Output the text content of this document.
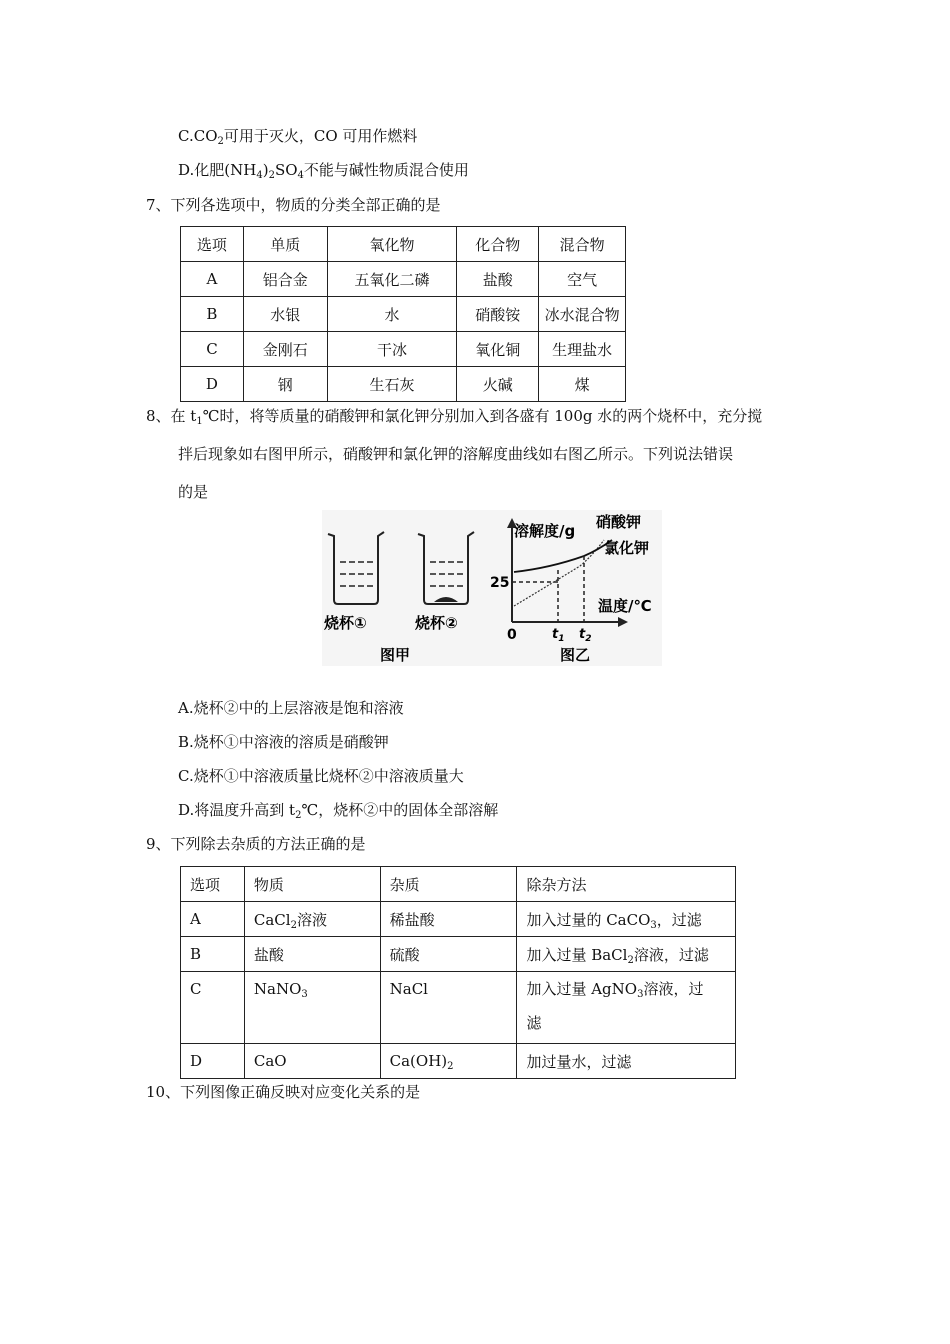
$C.CO_2$可用于灭火，CO 可用作燃料
D.化肥$(NH_4)_2SO_4$不能与碱性物质混合使用
7、下列各选项中，物质的分类全部正确的是
选项	单质	氧化物	化合物	混合物
A	铝合金	五氧化二磷	盐酸	空气
B	水银	水	硝酸铵	冰水混合物
C	金刚石	干冰	氧化铜	生理盐水
D	钢	生石灰	火碱	煤
8、在 $t_1℃$时，将等质量的硝酸钾和氯化钾分别加入到各盛有 100g 水的两个烧杯中，充分搅
拌后现象如右图甲所示，硝酸钾和氯化钾的溶解度曲线如右图乙所示。下列说法错误
的是
烧杯①	烧杯②
图甲
溶解度/g 硝酸钾
氯化钾
25
温度/℃
0	$t_1$ $t_2$
图乙
A.烧杯②中的上层溶液是饱和溶液
B.烧杯①中溶液的溶质是硝酸钾
C.烧杯①中溶液质量比烧杯②中溶液质量大
D.将温度升高到 $t_2℃$，烧杯②中的固体全部溶解
9、下列除去杂质的方法正确的是
选项	物质	杂质	除杂方法
A	CaCl$_2$溶液	稀盐酸	加入过量的 CaCO$_3$，过滤
B	盐酸	硫酸	加入过量 BaCl$_2$溶液，过滤
C	NaNO$_3$	NaCl	加入过量 AgNO$_3$溶液，过
滤
D	CaO	$Ca(OH)_2$	加过量水，过滤
10、下列图像正确反映对应变化关系的是
